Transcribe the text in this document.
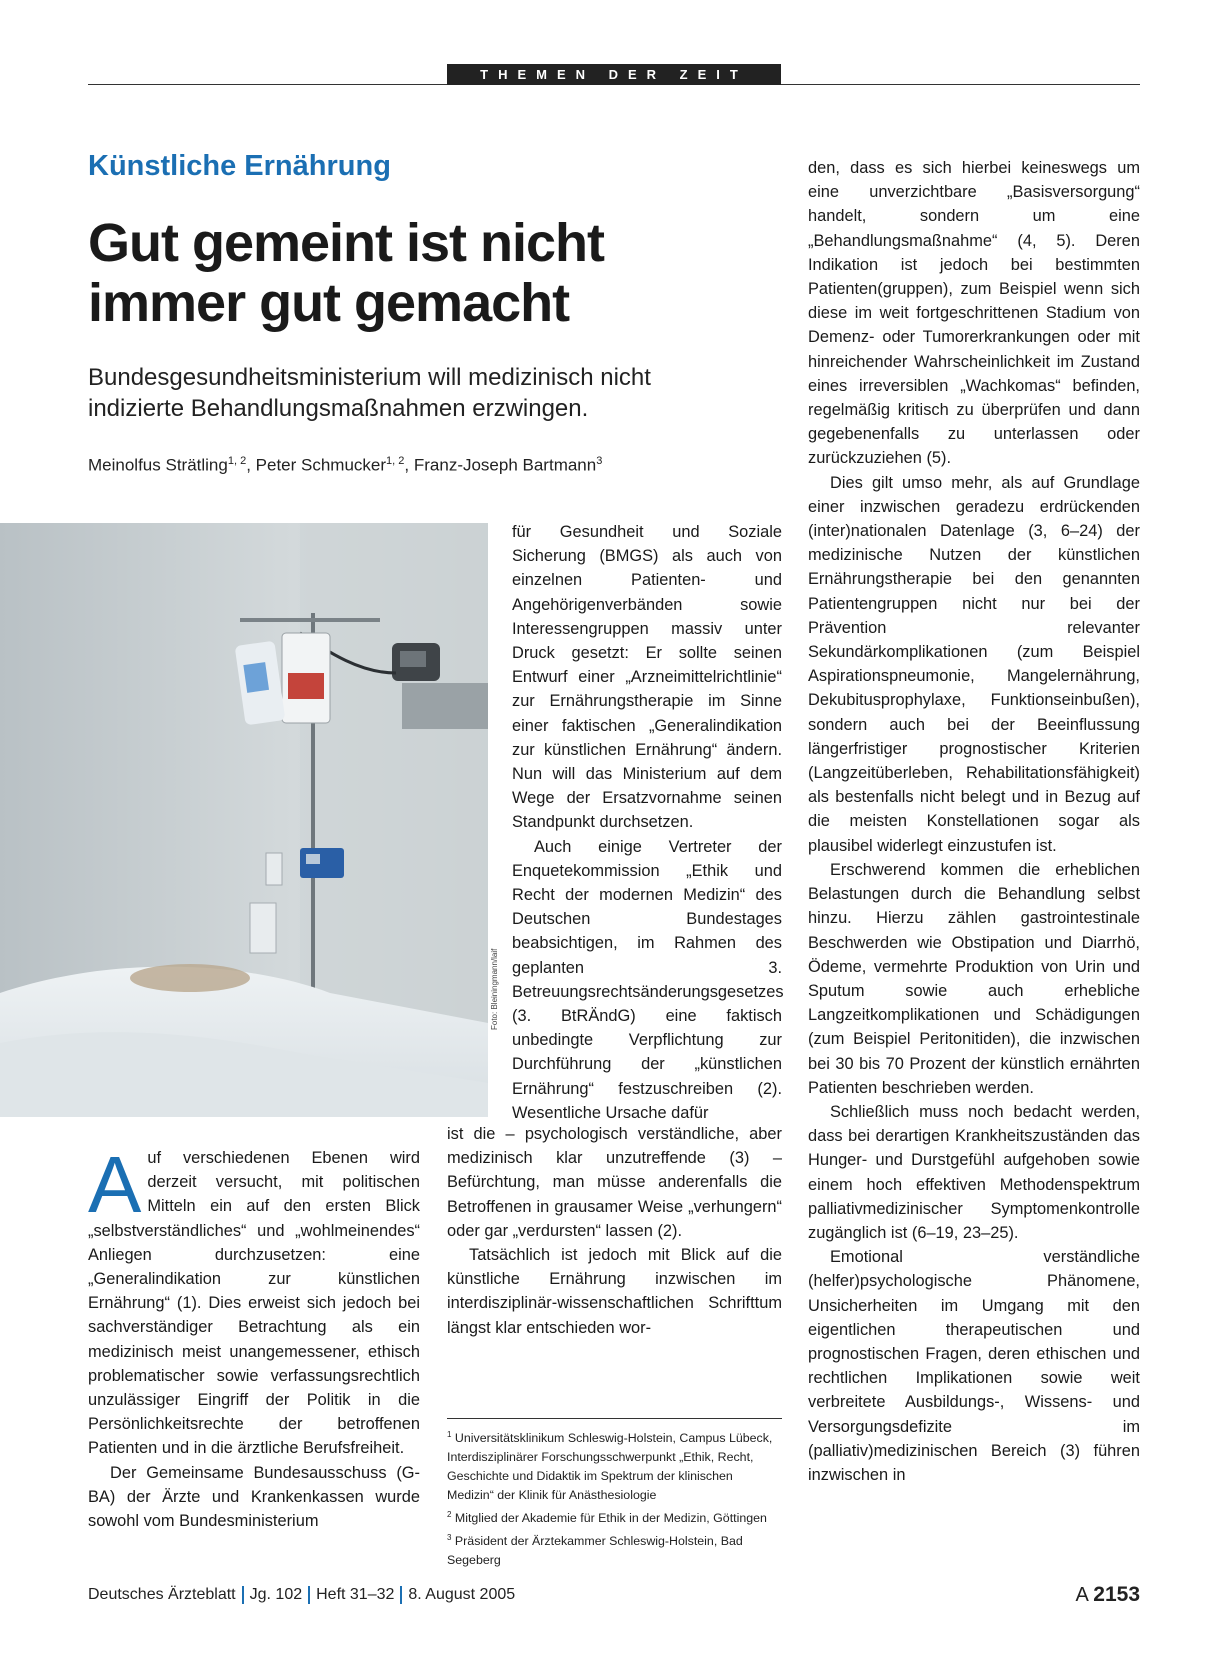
THEMEN DER ZEIT
Künstliche Ernährung
Gut gemeint ist nicht immer gut gemacht
Bundesgesundheitsministerium will medizinisch nicht indizierte Behandlungsmaßnahmen erzwingen.
Meinolfus Strätling$^{1, 2}$, Peter Schmucker$^{1, 2}$, Franz-Joseph Bartmann$^3$
Foto: Bleiningmann/laif

Auf verschiedenen Ebenen wird derzeit versucht, mit politischen Mitteln ein auf den ersten Blick „selbstverständliches“ und „wohlmeinendes“ Anliegen durchzusetzen: eine „Generalindikation zur künstlichen Ernährung“ (1). Dies erweist sich jedoch bei sachverständiger Betrachtung als ein medizinisch meist unangemessener, ethisch problematischer sowie verfassungsrechtlich unzulässiger Eingriff der Politik in die Persönlichkeitsrechte der betroffenen Patienten und in die ärztliche Berufsfreiheit.

Der Gemeinsame Bundesausschuss (G-BA) der Ärzte und Krankenkassen wurde sowohl vom Bundesministerium

für Gesundheit und Soziale Sicherung (BMGS) als auch von einzelnen Patienten- und Angehörigenverbänden sowie Interessengruppen massiv unter Druck gesetzt: Er sollte seinen Entwurf einer „Arzneimittelrichtlinie“ zur Ernährungstherapie im Sinne einer faktischen „Generalindikation zur künstlichen Ernährung“ ändern. Nun will das Ministerium auf dem Wege der Ersatzvornahme seinen Standpunkt durchsetzen.

Auch einige Vertreter der Enquetekommission „Ethik und Recht der modernen Medizin“ des Deutschen Bundestages beabsichtigen, im Rahmen des geplanten 3. Betreuungsrechtsänderungsgesetzes (3. BtRÄndG) eine faktisch unbedingte Verpflichtung zur Durchführung der „künstlichen Ernährung“ festzuschreiben (2). Wesentliche Ursache dafür

ist die – psychologisch verständliche, aber medizinisch klar unzutreffende (3) – Befürchtung, man müsse anderenfalls die Betroffenen in grausamer Weise „verhungern“ oder gar „verdursten“ lassen (2).

Tatsächlich ist jedoch mit Blick auf die künstliche Ernährung inzwischen im interdisziplinär-wissenschaftlichen Schrifttum längst klar entschieden wor-

$^1$ Universitätsklinikum Schleswig-Holstein, Campus Lübeck, Interdisziplinärer Forschungsschwerpunkt „Ethik, Recht, Geschichte und Didaktik im Spektrum der klinischen Medizin“ der Klinik für Anästhesiologie
$^2$ Mitglied der Akademie für Ethik in der Medizin, Göttingen
$^3$ Präsident der Ärztekammer Schleswig-Holstein, Bad Segeberg

den, dass es sich hierbei keineswegs um eine unverzichtbare „Basisversorgung“ handelt, sondern um eine „Behandlungsmaßnahme“ (4, 5). Deren Indikation ist jedoch bei bestimmten Patienten(gruppen), zum Beispiel wenn sich diese im weit fortgeschrittenen Stadium von Demenz- oder Tumorerkrankungen oder mit hinreichender Wahrscheinlichkeit im Zustand eines irreversiblen „Wachkomas“ befinden, regelmäßig kritisch zu überprüfen und dann gegebenenfalls zu unterlassen oder zurückzuziehen (5).

Dies gilt umso mehr, als auf Grundlage einer inzwischen geradezu erdrückenden (inter)nationalen Datenlage (3, 6–24) der medizinische Nutzen der künstlichen Ernährungstherapie bei den genannten Patientengruppen nicht nur bei der Prävention relevanter Sekundärkomplikationen (zum Beispiel Aspirationspneumonie, Mangelernährung, Dekubitusprophylaxe, Funktionseinbußen), sondern auch bei der Beeinflussung längerfristiger prognostischer Kriterien (Langzeitüberleben, Rehabilitationsfähigkeit) als bestenfalls nicht belegt und in Bezug auf die meisten Konstellationen sogar als plausibel widerlegt einzustufen ist.

Erschwerend kommen die erheblichen Belastungen durch die Behandlung selbst hinzu. Hierzu zählen gastrointestinale Beschwerden wie Obstipation und Diarrhö, Ödeme, vermehrte Produktion von Urin und Sputum sowie auch erhebliche Langzeitkomplikationen und Schädigungen (zum Beispiel Peritonitiden), die inzwischen bei 30 bis 70 Prozent der künstlich ernährten Patienten beschrieben werden.

Schließlich muss noch bedacht werden, dass bei derartigen Krankheitszuständen das Hunger- und Durstgefühl aufgehoben sowie einem hoch effektiven Methodenspektrum palliativmedizinischer Symptomenkontrolle zugänglich ist (6–19, 23–25).

Emotional verständliche (helfer)psychologische Phänomene, Unsicherheiten im Umgang mit den eigentlichen therapeutischen und prognostischen Fragen, deren ethischen und rechtlichen Implikationen sowie weit verbreitete Ausbildungs-, Wissens- und Versorgungsdefizite im (palliativ)medizinischen Bereich (3) führen inzwischen in

Deutsches Ärzteblatt Jg. 102 Heft 31–32 8. August 2005	A 2153
